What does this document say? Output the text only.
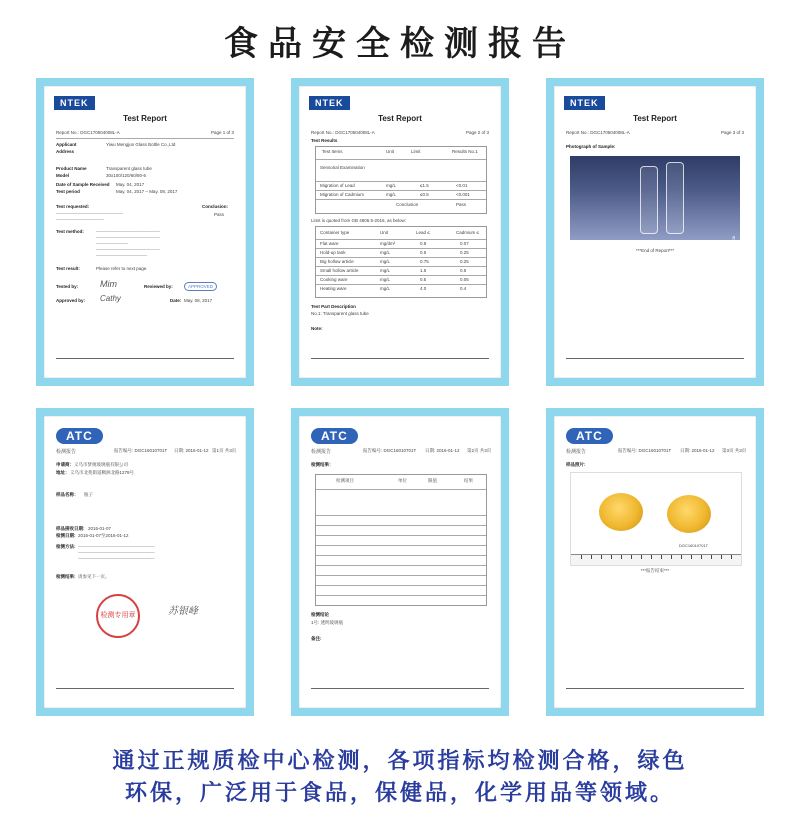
食品安全检测报告
NTEK
Test Report
Report No.: DGC170504008L-A	Page 1 of 3
Applicant	Yiwu Mengjun Glass Bottle Co.,Ltd
Address
Product Name	Transparent glass tube
Model	30x100/120/60/80-6
Date of Sample Received May. 04, 2017
Test period	May. 04, 2017 – May. 08, 2017
Test requested:	Conclusion:
Pass
─────────────────────
───────────────
Test method:	────────────────────
────────────────────
──────────
────────────────────
────────────────
Test result:	Please refer to next page.
Tested by: Mim	Reviewed by:
Approved by: Cathy	Date: May. 08, 2017
APPROVED

NTEK
Test Report
Report No.: DGC170504008L-A	Page 2 of 3
Test Results
Test Items	Unit	Limit	Results No.1
Sensorial Examination
Migration of Lead	mg/L	≤1.5	<0.01
Migration of Cadmium	mg/L	≤0.5	<0.001
Conclusion	Pass
Limit is quoted from GB 4806.5-2016, as below:
Container type	Unit	Lead ≤	Cadmium ≤
Flat ware	mg/dm²	0.8	0.07
Hold-up tank	mg/L	0.5	0.25
Big hollow article	mg/L	0.75	0.25
Small hollow article	mg/L	1.5	0.5
Cooking ware	mg/L	0.5	0.05
Heating ware	mg/L	4.0	0.4
Test Part Description
No.1: Transparent glass tube
Note:

NTEK
Test Report
Report No.: DGC170504008L-A	Page 3 of 3
Photograph of Sample:
DGC170504008
***End of Report***

ATC
检测报告	报告编号: DGC16010701T 日期: 2016-01-12 第1页 共3页
申请商： 义乌市梦俊玻璃瓶有限公司
地址： 义乌市北苑街道稠洲北路1278号
样品名称： 瓶子
样品接收日期: 2016-01-07
检测日期: 2016-01-07至2016-01-12
检测方法: ────────────────────────
────────────────────────
────────────────────────
检测结果: 请参见下一页。
检测专用章	苏银峰

ATC
检测报告	报告编号: DGC16010701T 日期: 2016-01-12 第2页 共3页
检测结果：
检测项目	单位	限值	结果
检测结论
1号: 透明玻璃瓶
备注:

ATC
检测报告	报告编号: DGC16010701T 日期: 2016-01-12 第3页 共3页
样品照片:
DGC16010701T
***报告结束***

通过正规质检中心检测，各项指标均检测合格，绿色
环保，广泛用于食品，保健品，化学用品等领域。
